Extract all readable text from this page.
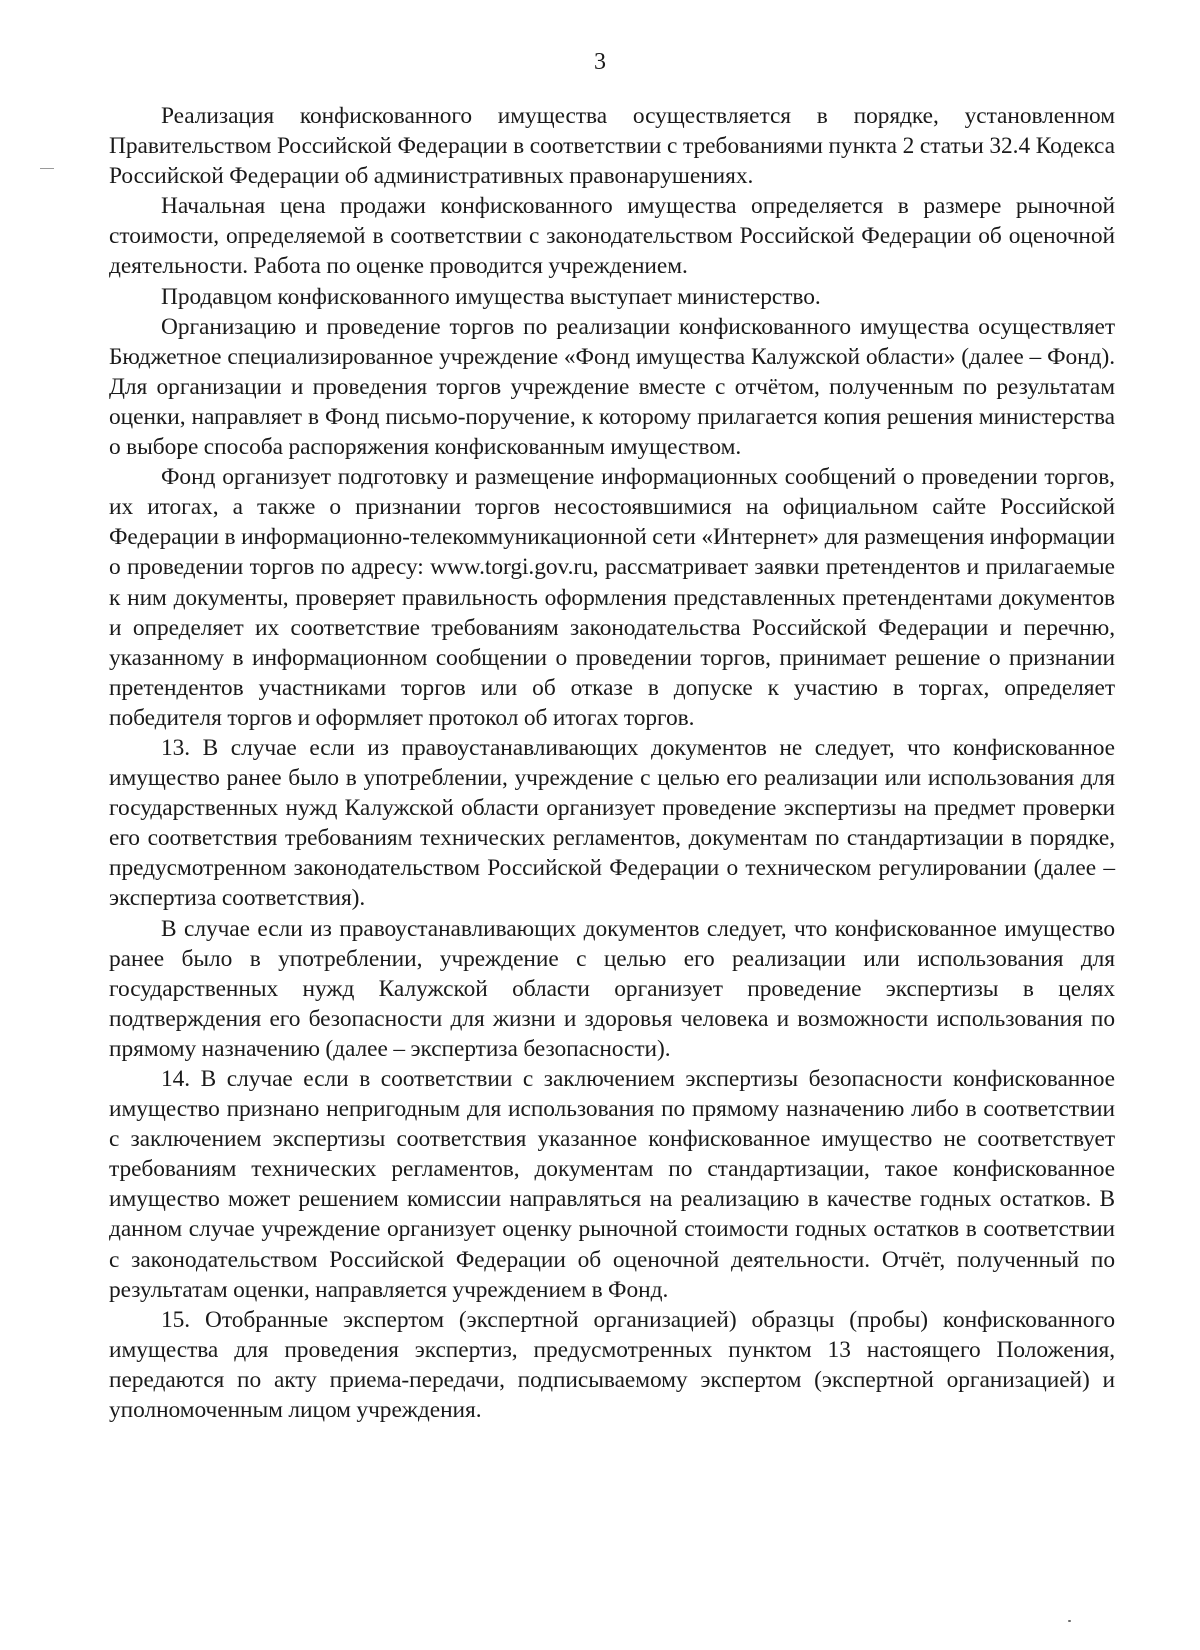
3

Реализация конфискованного имущества осуществляется в порядке, установленном Правительством Российской Федерации в соответствии с требованиями пункта 2 статьи 32.4 Кодекса Российской Федерации об административных правонарушениях.

Начальная цена продажи конфискованного имущества определяется в размере рыночной стоимости, определяемой в соответствии с законодательством Российской Федерации об оценочной деятельности. Работа по оценке проводится учреждением.

Продавцом конфискованного имущества выступает министерство.

Организацию и проведение торгов по реализации конфискованного имущества осуществляет Бюджетное специализированное учреждение «Фонд имущества Калужской области» (далее – Фонд). Для организации и проведения торгов учреждение вместе с отчётом, полученным по результатам оценки, направляет в Фонд письмо-поручение, к которому прилагается копия решения министерства о выборе способа распоряжения конфискованным имуществом.

Фонд организует подготовку и размещение информационных сообщений о проведении торгов, их итогах, а также о признании торгов несостоявшимися на официальном сайте Российской Федерации в информационно-телекоммуникационной сети «Интернет» для размещения информации о проведении торгов по адресу: www.torgi.gov.ru, рассматривает заявки претендентов и прилагаемые к ним документы, проверяет правильность оформления представленных претендентами документов и определяет их соответствие требованиям законодательства Российской Федерации и перечню, указанному в информационном сообщении о проведении торгов, принимает решение о признании претендентов участниками торгов или об отказе в допуске к участию в торгах, определяет победителя торгов и оформляет протокол об итогах торгов.

13. В случае если из правоустанавливающих документов не следует, что конфискованное имущество ранее было в употреблении, учреждение с целью его реализации или использования для государственных нужд Калужской области организует проведение экспертизы на предмет проверки его соответствия требованиям технических регламентов, документам по стандартизации в порядке, предусмотренном законодательством Российской Федерации о техническом регулировании (далее – экспертиза соответствия).

В случае если из правоустанавливающих документов следует, что конфискованное имущество ранее было в употреблении, учреждение с целью его реализации или использования для государственных нужд Калужской области организует проведение экспертизы в целях подтверждения его безопасности для жизни и здоровья человека и возможности использования по прямому назначению (далее – экспертиза безопасности).

14. В случае если в соответствии с заключением экспертизы безопасности конфискованное имущество признано непригодным для использования по прямому назначению либо в соответствии с заключением экспертизы соответствия указанное конфискованное имущество не соответствует требованиям технических регламентов, документам по стандартизации, такое конфискованное имущество может решением комиссии направляться на реализацию в качестве годных остатков. В данном случае учреждение организует оценку рыночной стоимости годных остатков в соответствии с законодательством Российской Федерации об оценочной деятельности. Отчёт, полученный по результатам оценки, направляется учреждением в Фонд.

15. Отобранные экспертом (экспертной организацией) образцы (пробы) конфискованного имущества для проведения экспертиз, предусмотренных пунктом 13 настоящего Положения, передаются по акту приема-передачи, подписываемому экспертом (экспертной организацией) и уполномоченным лицом учреждения.
